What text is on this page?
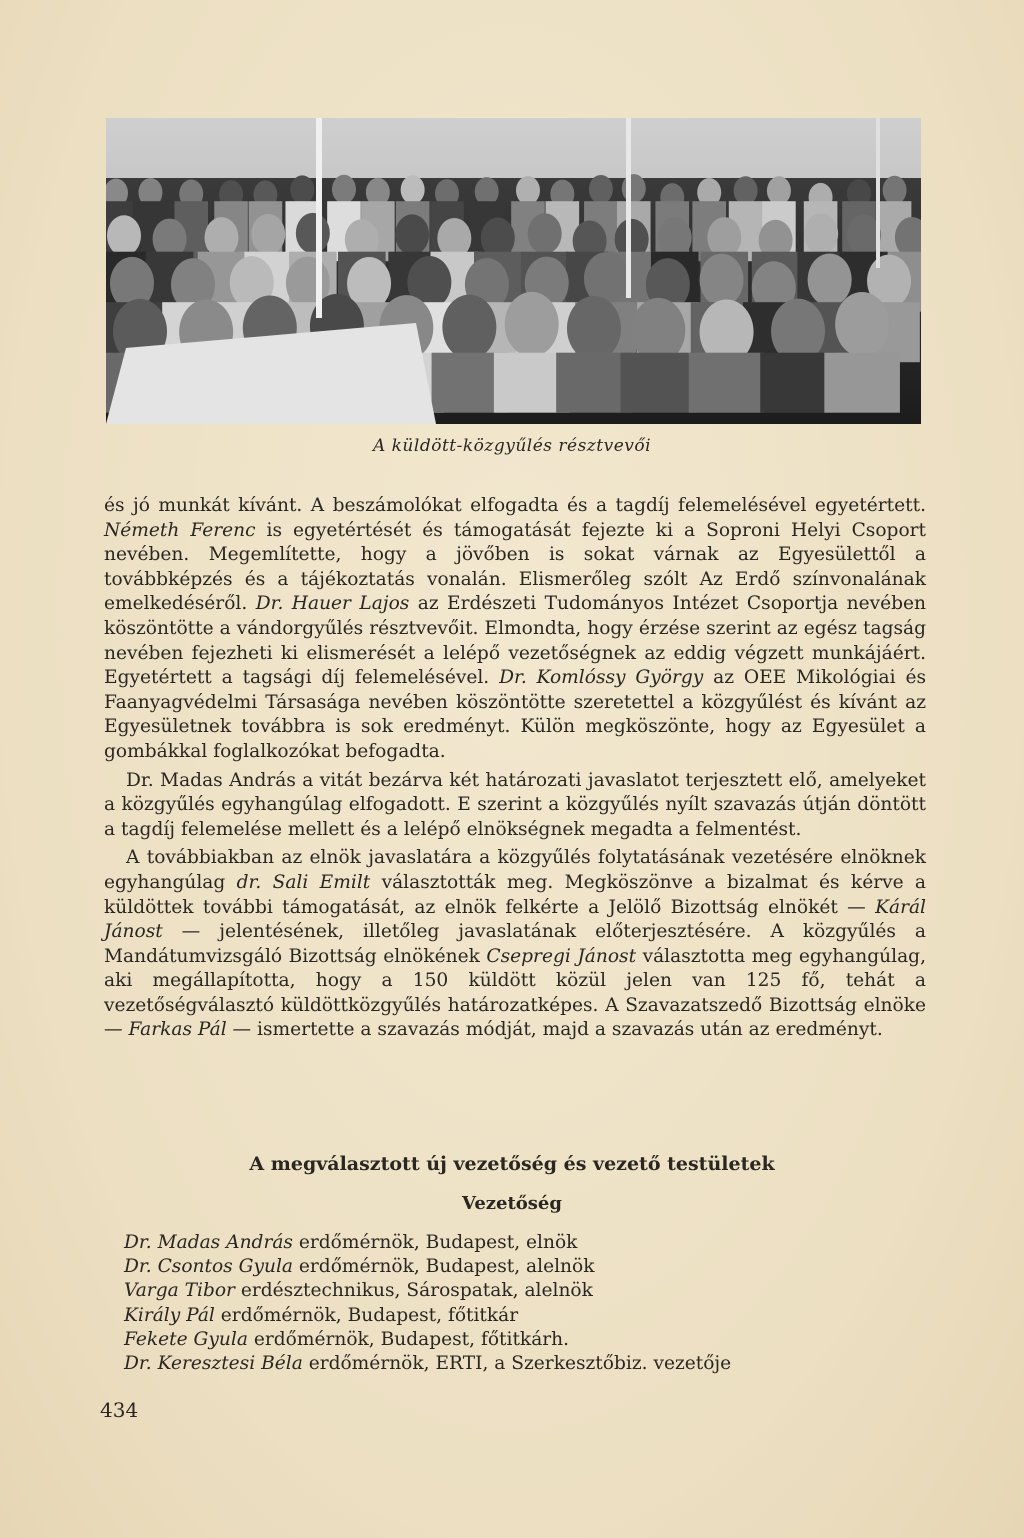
A küldött-közgyűlés résztvevői

és jó munkát kívánt. A beszámolókat elfogadta és a tagdíj felemelésével egyetértett. Németh Ferenc is egyetértését és támogatását fejezte ki a Soproni Helyi Csoport nevében. Megemlítette, hogy a jövőben is sokat várnak az Egyesülettől a továbbképzés és a tájékoztatás vonalán. Elismerőleg szólt Az Erdő színvonalának emelkedéséről. Dr. Hauer Lajos az Erdészeti Tudományos Intézet Csoportja nevében köszöntötte a vándorgyűlés résztvevőit. Elmondta, hogy érzése szerint az egész tagság nevében fejezheti ki elismerését a lelépő vezetőségnek az eddig végzett munkájáért. Egyetértett a tagsági díj felemelésével. Dr. Komlóssy György az OEE Mikológiai és Faanyagvédelmi Társasága nevében köszöntötte szeretettel a közgyűlést és kívánt az Egyesületnek továbbra is sok eredményt. Külön megköszönte, hogy az Egyesület a gombákkal foglalkozókat befogadta.

Dr. Madas András a vitát bezárva két határozati javaslatot terjesztett elő, amelyeket a közgyűlés egyhangúlag elfogadott. E szerint a közgyűlés nyílt szavazás útján döntött a tagdíj felemelése mellett és a lelépő elnökségnek megadta a felmentést.

A továbbiakban az elnök javaslatára a közgyűlés folytatásának vezetésére elnöknek egyhangúlag dr. Sali Emilt választották meg. Megköszönve a bizalmat és kérve a küldöttek további támogatását, az elnök felkérte a Jelölő Bizottság elnökét — Kárál Jánost — jelentésének, illetőleg javaslatának előterjesztésére. A közgyűlés a Mandátumvizsgáló Bizottság elnökének Csepregi Jánost választotta meg egyhangúlag, aki megállapította, hogy a 150 küldött közül jelen van 125 fő, tehát a vezetőségválasztó küldöttközgyűlés határozatképes. A Szavazatszedő Bizottság elnöke — Farkas Pál — ismertette a szavazás módját, majd a szavazás után az eredményt.

A megválasztott új vezetőség és vezető testületek
Vezetőség
Dr. Madas András erdőmérnök, Budapest, elnök
Dr. Csontos Gyula erdőmérnök, Budapest, alelnök
Varga Tibor erdésztechnikus, Sárospatak, alelnök
Király Pál erdőmérnök, Budapest, főtitkár
Fekete Gyula erdőmérnök, Budapest, főtitkárh.
Dr. Keresztesi Béla erdőmérnök, ERTI, a Szerkesztőbiz. vezetője
434
